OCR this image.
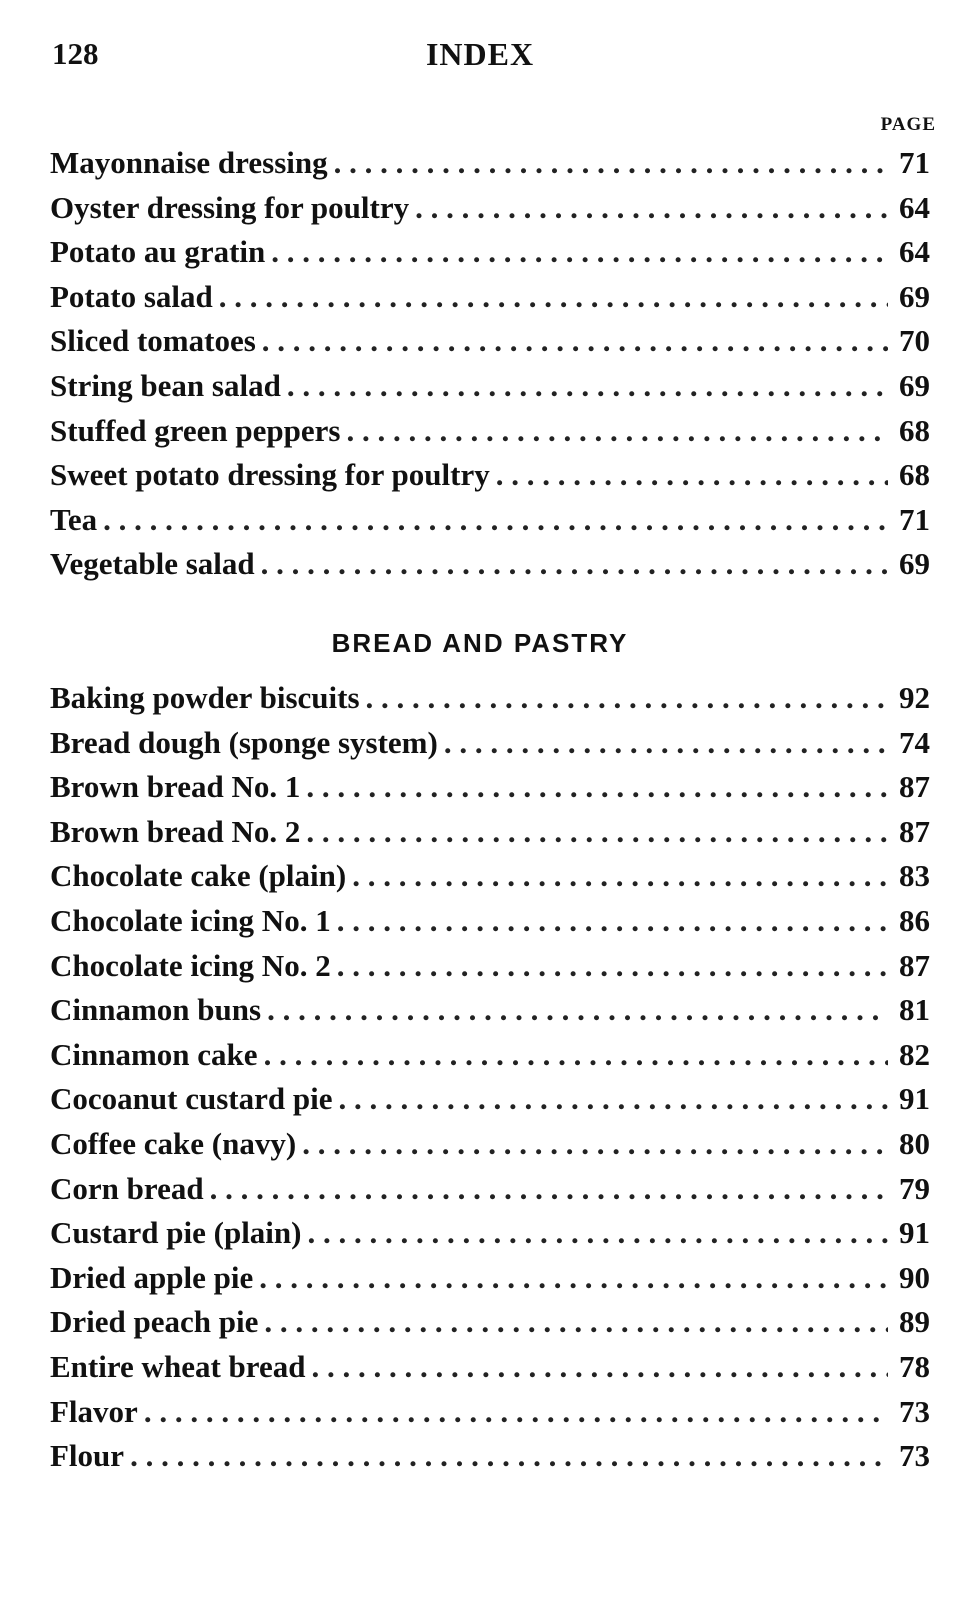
128	INDEX
PAGE
Mayonnaise dressing . . .	71
Oyster dressing for poultry . . .	64
Potato au gratin . . .	64
Potato salad . . .	69
Sliced tomatoes . . .	70
String bean salad . . .	69
Stuffed green peppers . . .	68
Sweet potato dressing for poultry . . .	68
Tea . . .	71
Vegetable salad . . .	69
BREAD AND PASTRY
Baking powder biscuits . . .	92
Bread dough (sponge system) . . .	74
Brown bread No. 1 . . .	87
Brown bread No. 2 . . .	87
Chocolate cake (plain) . . .	83
Chocolate icing No. 1 . . .	86
Chocolate icing No. 2 . . .	87
Cinnamon buns . . .	81
Cinnamon cake . . .	82
Cocoanut custard pie . . .	91
Coffee cake (navy) . . .	80
Corn bread . . .	79
Custard pie (plain) . . .	91
Dried apple pie . . .	90
Dried peach pie . . .	89
Entire wheat bread . . .	78
Flavor . . .	73
Flour . . .	73
